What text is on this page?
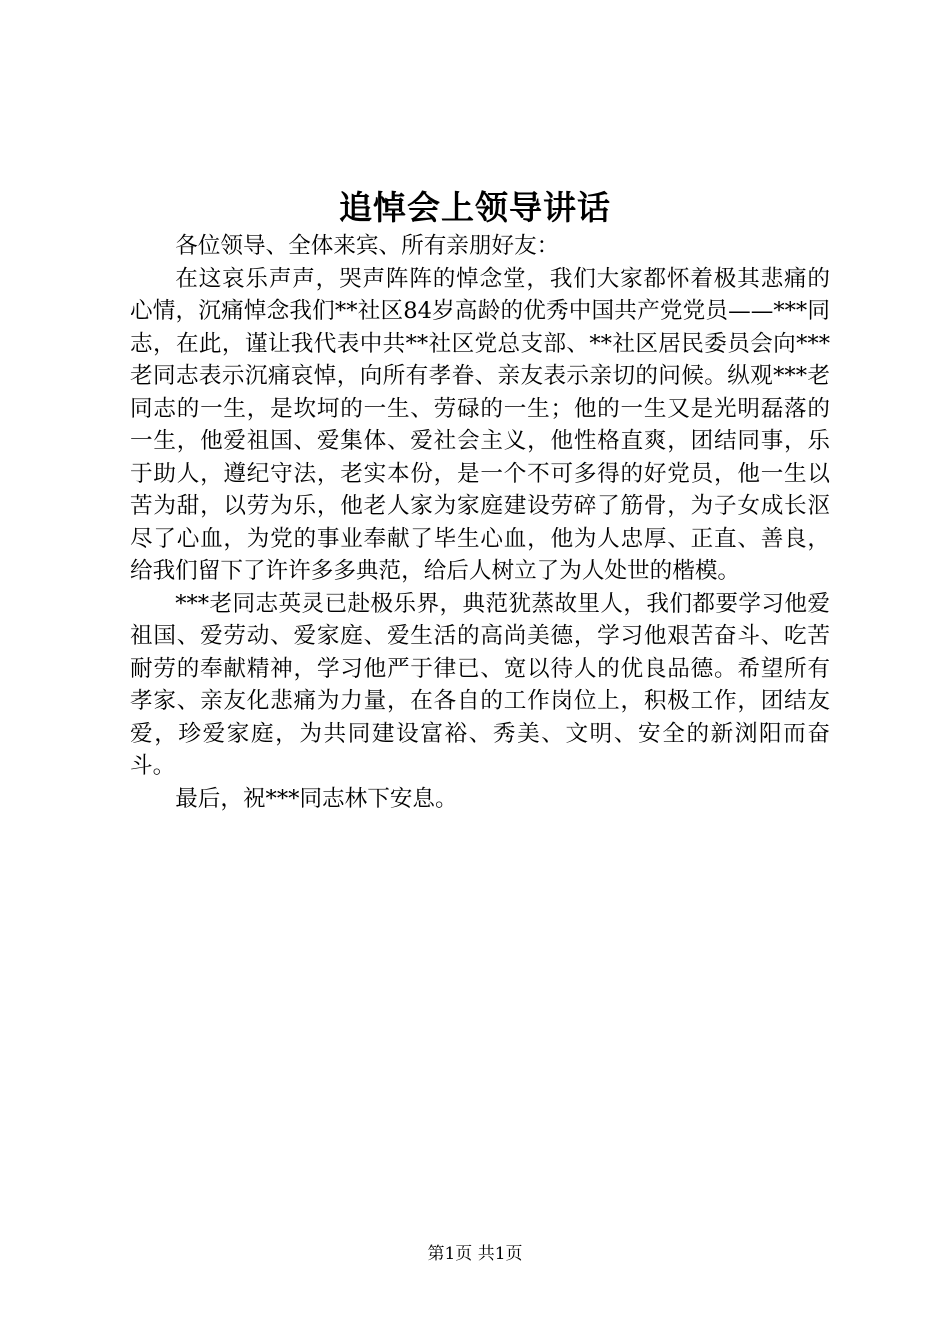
追悼会上领导讲话

各位领导、全体来宾、所有亲朋好友：

在这哀乐声声，哭声阵阵的悼念堂，我们大家都怀着极其悲痛的心情，沉痛悼念我们**社区84岁高龄的优秀中国共产党党员——***同志，在此，谨让我代表中共**社区党总支部、**社区居民委员会向***老同志表示沉痛哀悼，向所有孝眷、亲友表示亲切的问候。纵观***老同志的一生，是坎坷的一生、劳碌的一生；他的一生又是光明磊落的一生，他爱祖国、爱集体、爱社会主义，他性格直爽，团结同事，乐于助人，遵纪守法，老实本份，是一个不可多得的好党员，他一生以苦为甜，以劳为乐，他老人家为家庭建设劳碎了筋骨，为子女成长沤尽了心血，为党的事业奉献了毕生心血，他为人忠厚、正直、善良，给我们留下了许许多多典范，给后人树立了为人处世的楷模。

***老同志英灵已赴极乐界，典范犹蒸故里人，我们都要学习他爱祖国、爱劳动、爱家庭、爱生活的高尚美德，学习他艰苦奋斗、吃苦耐劳的奉献精神，学习他严于律已、宽以待人的优良品德。希望所有孝家、亲友化悲痛为力量，在各自的工作岗位上，积极工作，团结友爱，珍爱家庭，为共同建设富裕、秀美、文明、安全的新浏阳而奋斗。

最后，祝***同志林下安息。

第1页 共1页
